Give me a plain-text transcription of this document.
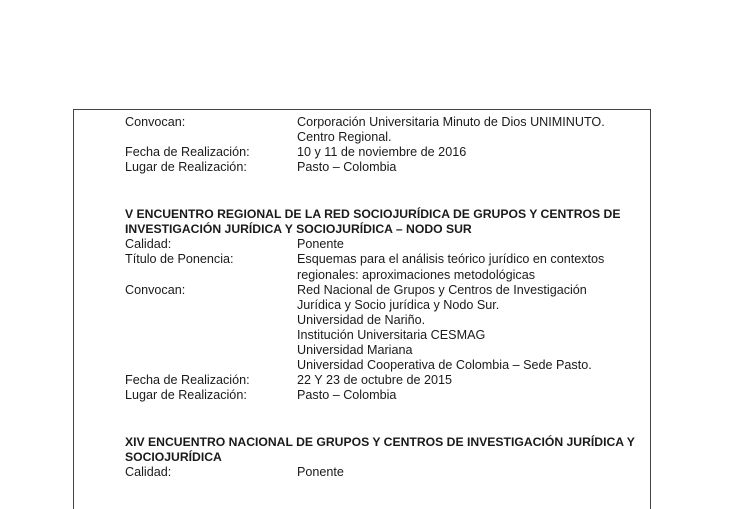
Convocan:	Corporación Universitaria Minuto de Dios UNIMINUTO.
Centro Regional.
Fecha de Realización:	10 y 11 de noviembre de 2016
Lugar de Realización:	Pasto – Colombia
V ENCUENTRO REGIONAL DE LA RED SOCIOJURÍDICA DE GRUPOS Y CENTROS DE
INVESTIGACIÓN JURÍDICA Y SOCIOJURÍDICA – NODO SUR
Calidad:	Ponente
Título de Ponencia:	Esquemas para el análisis teórico jurídico en contextos
regionales: aproximaciones metodológicas
Convocan:	Red Nacional de Grupos y Centros de Investigación
Jurídica y Socio jurídica y Nodo Sur.
Universidad de Nariño.
Institución Universitaria CESMAG
Universidad Mariana
Universidad Cooperativa de Colombia – Sede Pasto.
Fecha de Realización:	22 Y 23 de octubre de 2015
Lugar de Realización:	Pasto – Colombia
XIV ENCUENTRO NACIONAL DE GRUPOS Y CENTROS DE INVESTIGACIÓN JURÍDICA Y
SOCIOJURÍDICA
Calidad:	Ponente
